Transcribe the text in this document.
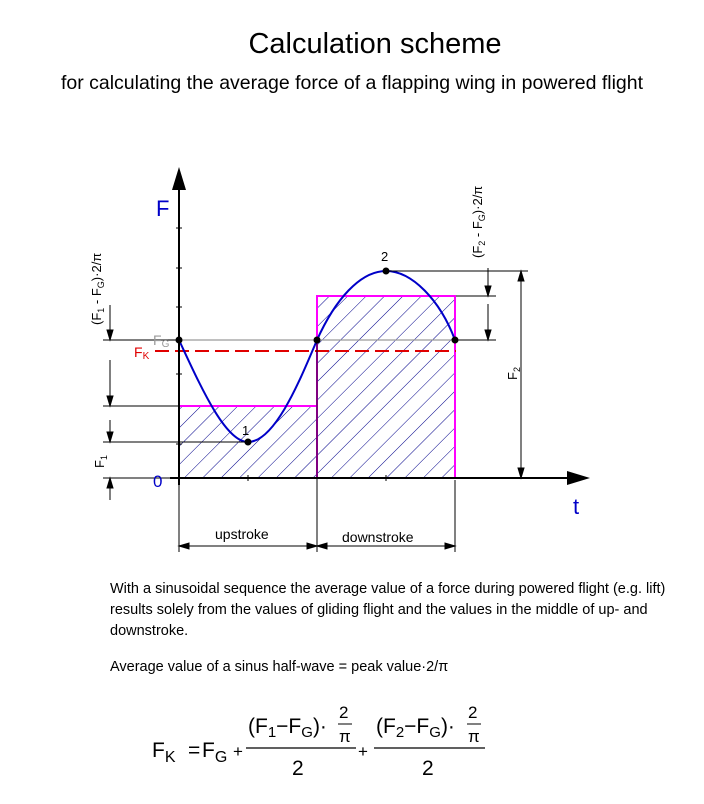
Calculation scheme
for calculating the average force of a flapping wing in powered flight
F
t
0
FG
FK
1
2
upstroke	downstroke
$(F_1 - F_G)\cdot 2/\pi$
$F_1$
$(F_2 - F_G)\cdot 2/\pi$
$F_2$

With a sinusoidal sequence the average value of a force during powered flight (e.g. lift) results solely from the values of gliding flight and the values in the middle of up- and downstroke.

Average value of a sinus half-wave = peak value·2/π
$F_K = F_G$ +
(F1−FG)·
2
π
2
+
(F2−FG)·
2
π
2
